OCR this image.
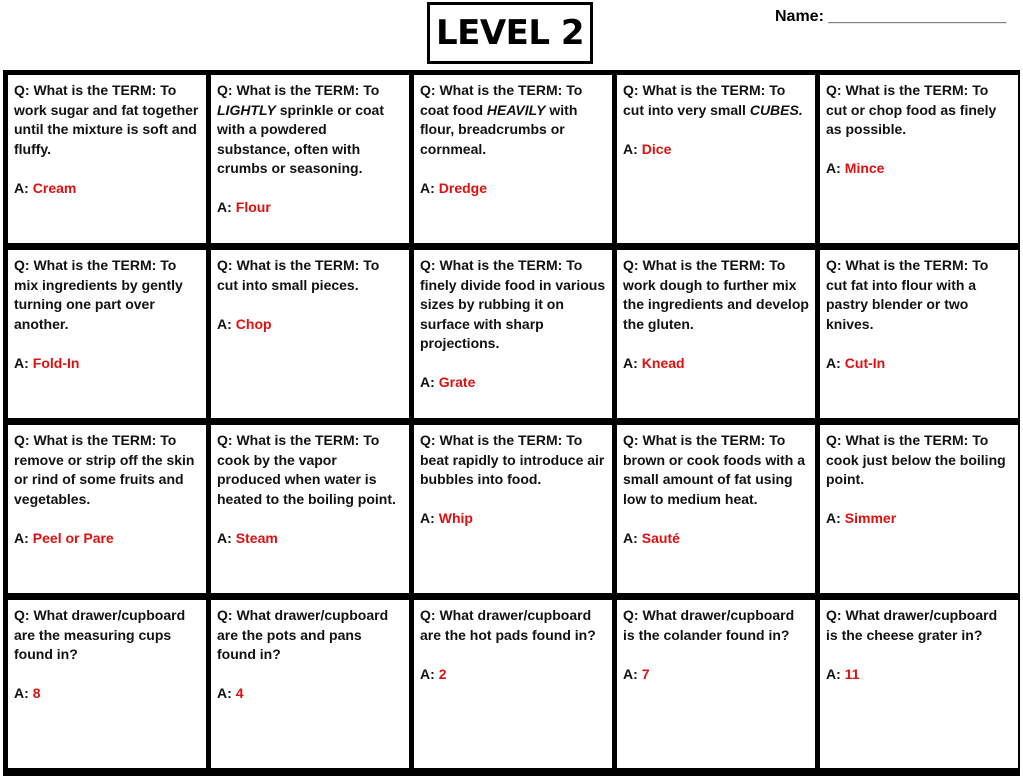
LEVEL 2	Name: ____________________

Q: What is the TERM: To work sugar and fat together until the mixture is soft and fluffy.

A: Cream

Q: What is the TERM: To LIGHTLY sprinkle or coat with a powdered substance, often with crumbs or seasoning.

A: Flour

Q: What is the TERM: To coat food HEAVILY with flour, breadcrumbs or cornmeal.

A: Dredge

Q: What is the TERM: To cut into very small CUBES.

A: Dice

Q: What is the TERM: To cut or chop food as finely as possible.

A: Mince

Q: What is the TERM: To mix ingredients by gently turning one part over another.

A: Fold-In

Q: What is the TERM: To cut into small pieces.

A: Chop

Q: What is the TERM: To finely divide food in various sizes by rubbing it on surface with sharp projections.

A: Grate

Q: What is the TERM: To work dough to further mix the ingredients and develop the gluten.

A: Knead

Q: What is the TERM: To cut fat into flour with a pastry blender or two knives.

A: Cut-In

Q: What is the TERM: To remove or strip off the skin or rind of some fruits and vegetables.

A: Peel or Pare

Q: What is the TERM: To cook by the vapor produced when water is heated to the boiling point.

A: Steam

Q: What is the TERM: To beat rapidly to introduce air bubbles into food.

A: Whip

Q: What is the TERM: To brown or cook foods with a small amount of fat using low to medium heat.

A: Sauté

Q: What is the TERM: To cook just below the boiling point.

A: Simmer

Q: What drawer/cupboard are the measuring cups found in?

A: 8

Q: What drawer/cupboard are the pots and pans found in?

A: 4

Q: What drawer/cupboard are the hot pads found in?

A: 2

Q: What drawer/cupboard is the colander found in?

A: 7

Q: What drawer/cupboard is the cheese grater in?

A: 11
